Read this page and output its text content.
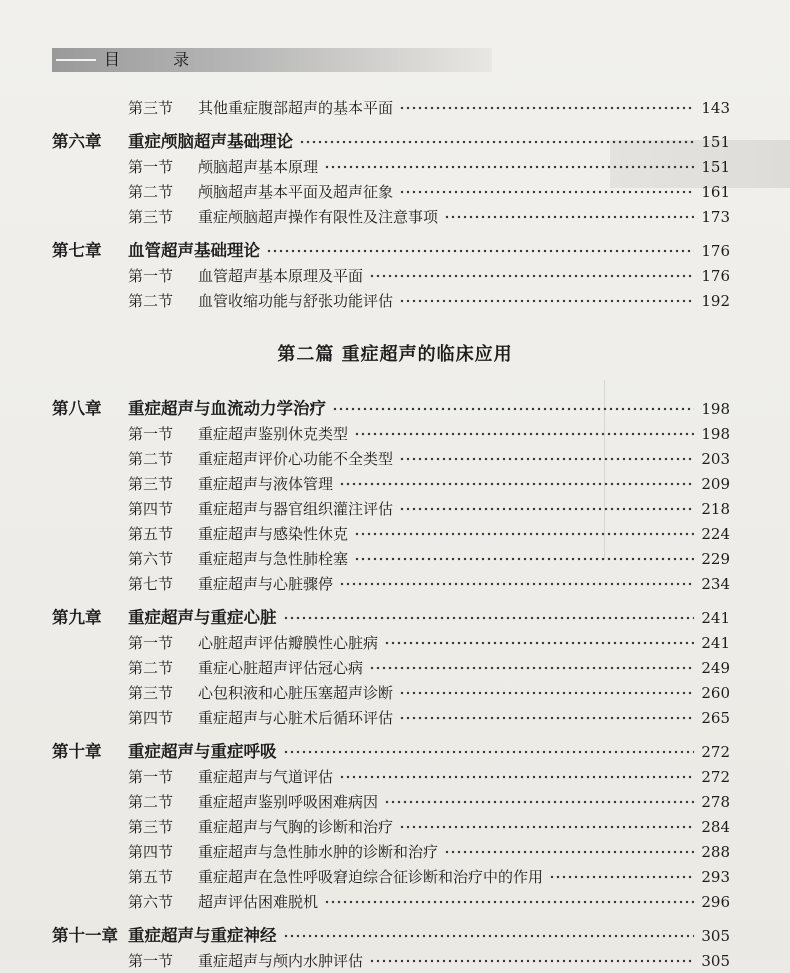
目 录
第二篇 重症超声的临床应用
第三节	其他重症腹部超声的基本平面	143
第六章	重症颅脑超声基础理论	151
第一节	颅脑超声基本原理	151
第二节	颅脑超声基本平面及超声征象	161
第三节	重症颅脑超声操作有限性及注意事项	173
第七章	血管超声基础理论	176
第一节	血管超声基本原理及平面	176
第二节	血管收缩功能与舒张功能评估	192
第八章	重症超声与血流动力学治疗	198
第一节	重症超声鉴别休克类型	198
第二节	重症超声评价心功能不全类型	203
第三节	重症超声与液体管理	209
第四节	重症超声与器官组织灌注评估	218
第五节	重症超声与感染性休克	224
第六节	重症超声与急性肺栓塞	229
第七节	重症超声与心脏骤停	234
第九章	重症超声与重症心脏	241
第一节	心脏超声评估瓣膜性心脏病	241
第二节	重症心脏超声评估冠心病	249
第三节	心包积液和心脏压塞超声诊断	260
第四节	重症超声与心脏术后循环评估	265
第十章	重症超声与重症呼吸	272
第一节	重症超声与气道评估	272
第二节	重症超声鉴别呼吸困难病因	278
第三节	重症超声与气胸的诊断和治疗	284
第四节	重症超声与急性肺水肿的诊断和治疗	288
第五节	重症超声在急性呼吸窘迫综合征诊断和治疗中的作用	293
第六节	超声评估困难脱机	296
第十一章 重症超声与重症神经	305
第一节	重症超声与颅内水肿评估	305
